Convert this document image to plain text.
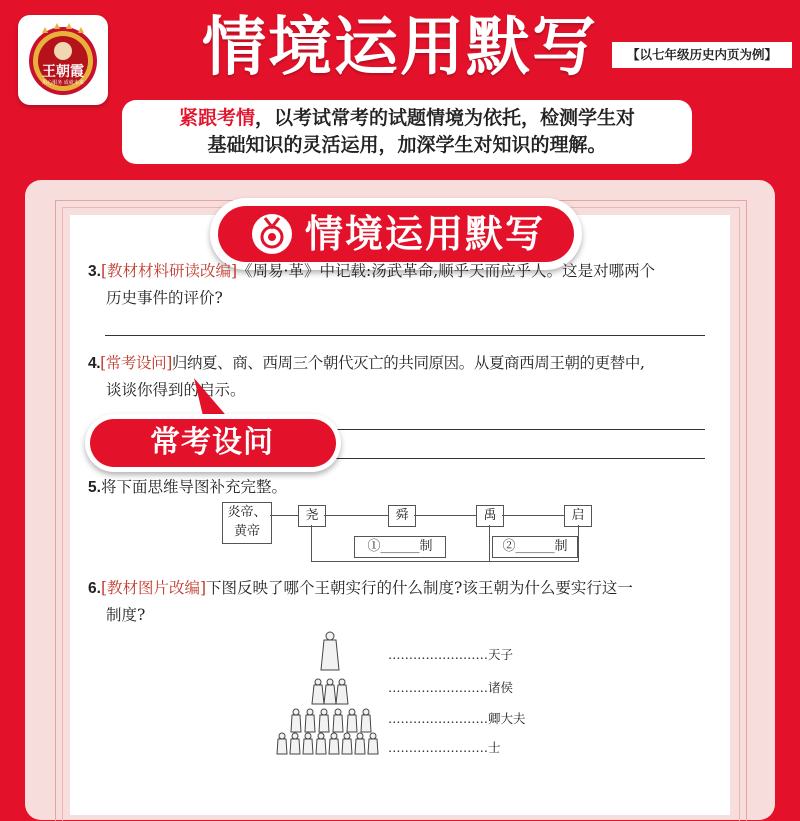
王朝霞
用心服务 成就未来	情境运用默写	【以七年级历史内页为例】
紧跟考情，以考试常考的试题情境为依托，检测学生对
基础知识的灵活运用，加深学生对知识的理解。
情境运用默写
3.[教材材料研读改编]《周易·革》中记载:汤武革命,顺乎天而应乎人。这是对哪两个
历史事件的评价?
4.[常考设问]归纳夏、商、西周三个朝代灭亡的共同原因。从夏商西周王朝的更替中,
谈谈你得到的启示。
常考设问
5.将下面思维导图补充完整。
炎帝、
黄帝
尧	舜	禹	启
①______制	②______制
6.[教材图片改编]下图反映了哪个王朝实行的什么制度?该王朝为什么要实行这一
制度?
……………………天子
……………………诸侯
……………………卿大夫
……………………士
